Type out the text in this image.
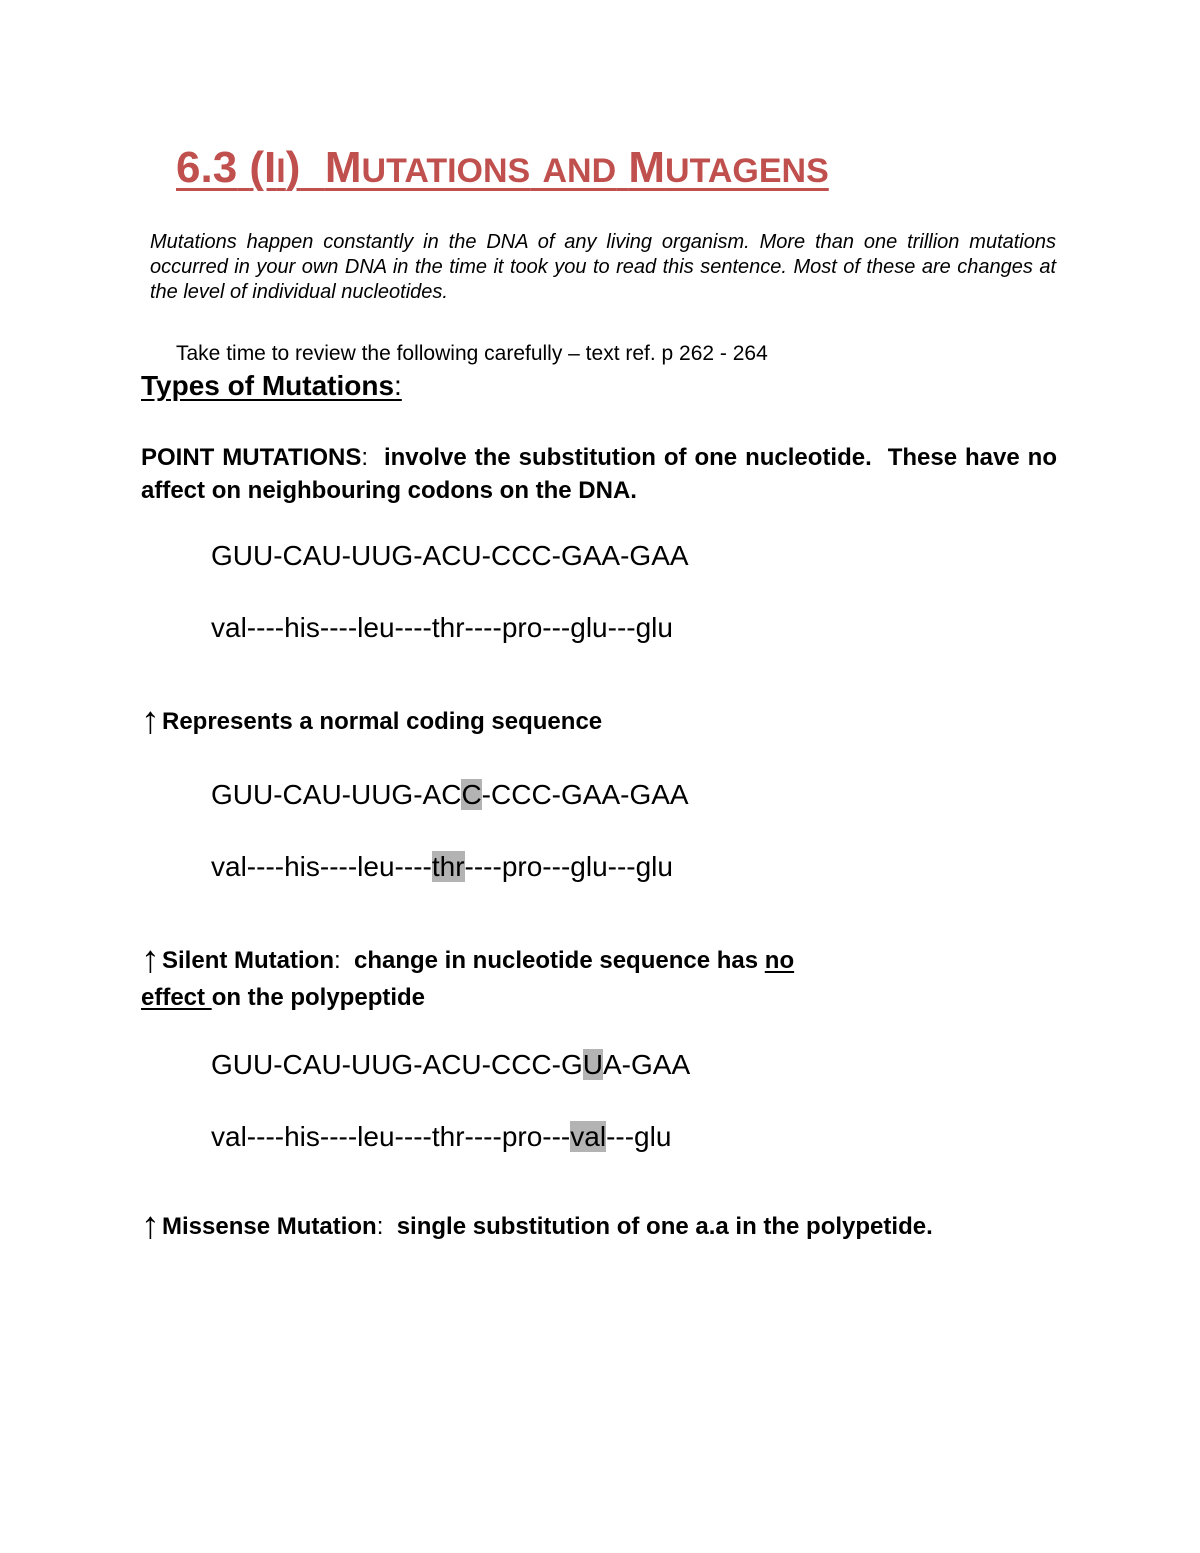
6.3 (II) MUTATIONS AND MUTAGENS
Mutations happen constantly in the DNA of any living organism. More than one trillion mutations occurred in your own DNA in the time it took you to read this sentence. Most of these are changes at the level of individual nucleotides.
Take time to review the following carefully – text ref. p 262 - 264
Types of Mutations:
POINT MUTATIONS:  involve the substitution of one nucleotide.  These have no affect on neighbouring codons on the DNA.
GUU-CAU-UUG-ACU-CCC-GAA-GAA
val----his----leu----thr----pro---glu---glu
↑Represents a normal coding sequence
GUU-CAU-UUG-ACC-CCC-GAA-GAA
val----his----leu----thr----pro---glu---glu
↑Silent Mutation:  change in nucleotide sequence has no
effect on the polypeptide
GUU-CAU-UUG-ACU-CCC-GUA-GAA
val----his----leu----thr----pro---val---glu
↑Missense Mutation:  single substitution of one a.a in the polypetide.
